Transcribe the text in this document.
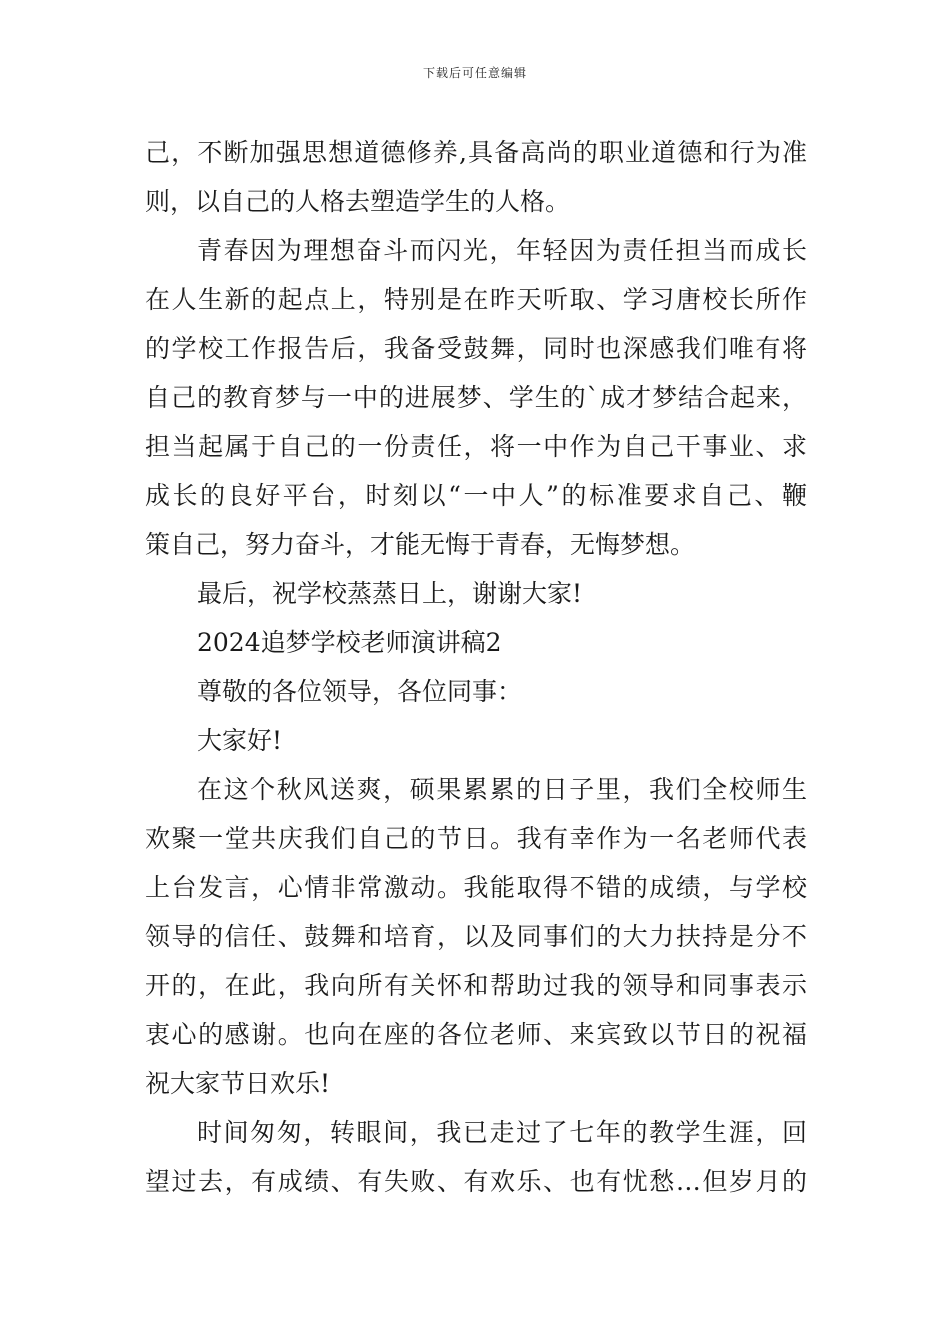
下载后可任意编辑
己，不断加强思想道德修养,具备高尚的职业道德和行为准
则，以自己的人格去塑造学生的人格。
青春因为理想奋斗而闪光，年轻因为责任担当而成长
在人生新的起点上，特别是在昨天听取、学习唐校长所作
的学校工作报告后，我备受鼓舞，同时也深感我们唯有将
自己的教育梦与一中的进展梦、学生的`成才梦结合起来，
担当起属于自己的一份责任，将一中作为自己干事业、求
成长的良好平台，时刻以“一中人”的标准要求自己、鞭
策自己，努力奋斗，才能无悔于青春，无悔梦想。
最后，祝学校蒸蒸日上，谢谢大家!
2024追梦学校老师演讲稿2
尊敬的各位领导，各位同事：
大家好!
在这个秋风送爽，硕果累累的日子里，我们全校师生
欢聚一堂共庆我们自己的节日。我有幸作为一名老师代表
上台发言，心情非常激动。我能取得不错的成绩，与学校
领导的信任、鼓舞和培育，以及同事们的大力扶持是分不
开的，在此，我向所有关怀和帮助过我的领导和同事表示
衷心的感谢。也向在座的各位老师、来宾致以节日的祝福
祝大家节日欢乐!
时间匆匆，转眼间，我已走过了七年的教学生涯，回
望过去，有成绩、有失败、有欢乐、也有忧愁…但岁月的
